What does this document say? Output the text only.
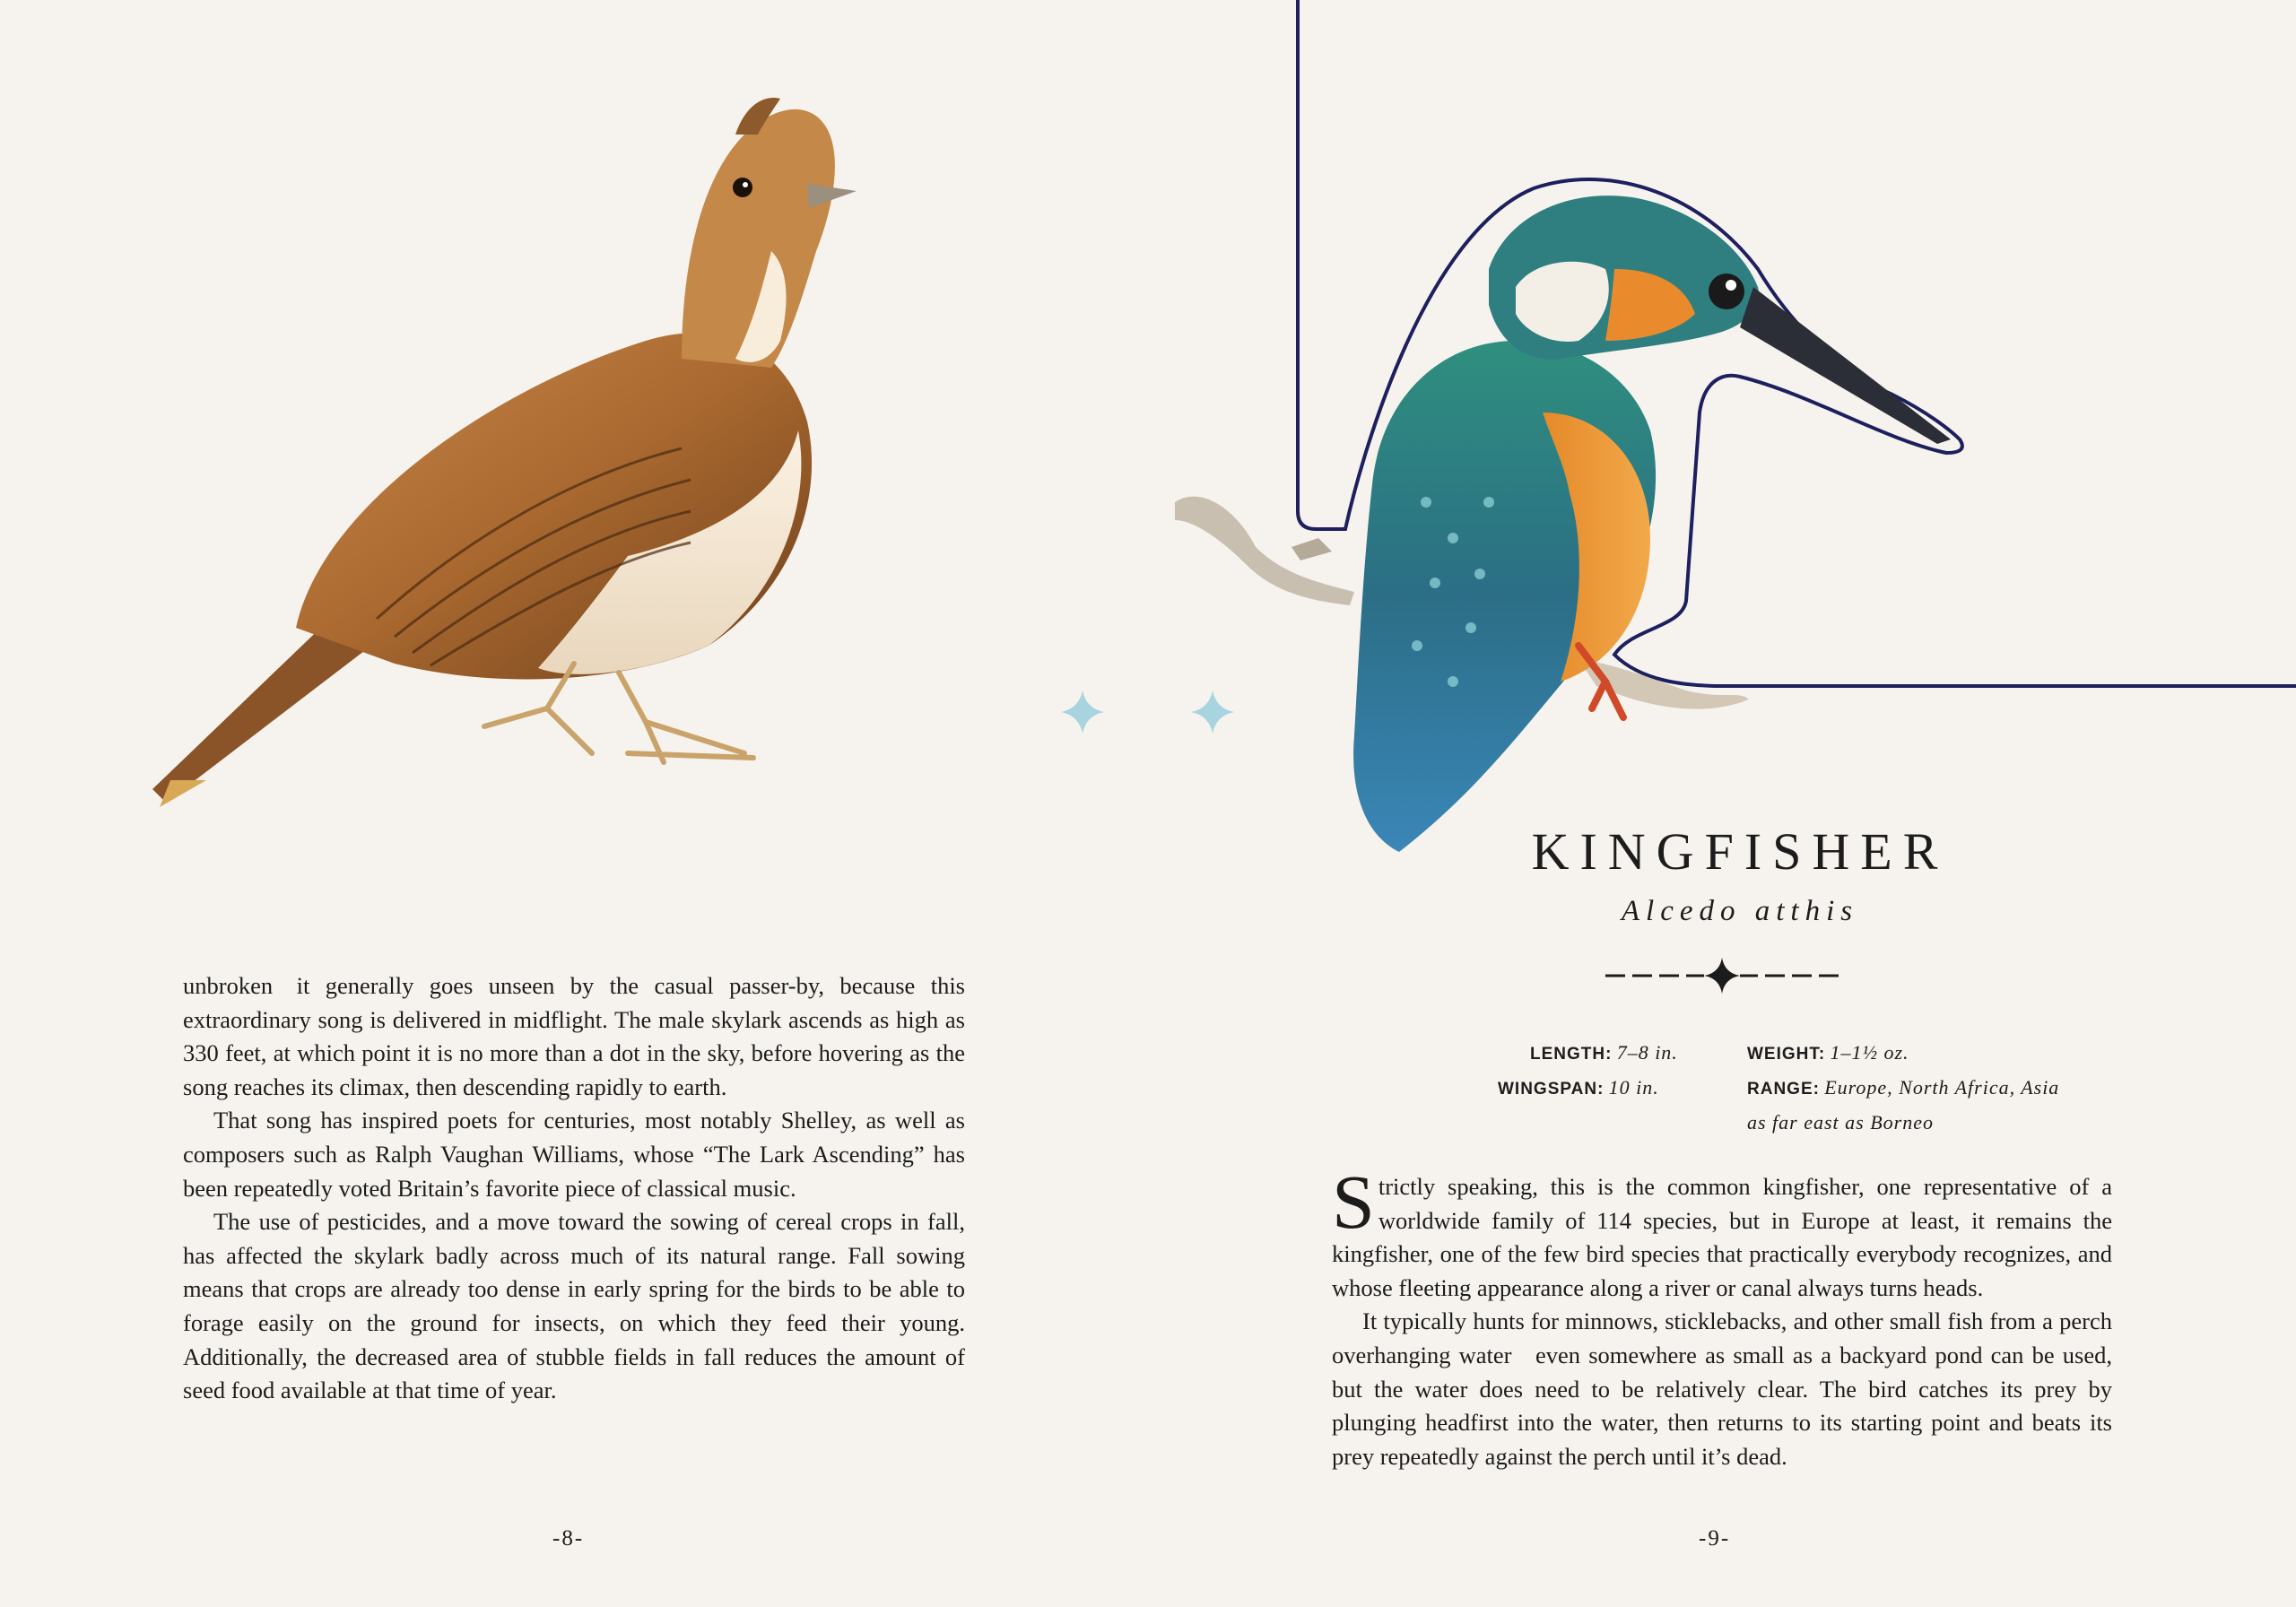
unbroken it generally goes unseen by the casual passer-by, because this extraordinary song is delivered in midflight. The male skylark ascends as high as 330 feet, at which point it is no more than a dot in the sky, before hovering as the song reaches its climax, then descending rapidly to earth.

That song has inspired poets for centuries, most notably Shelley, as well as composers such as Ralph Vaughan Williams, whose “The Lark Ascending” has been repeatedly voted Britain’s favorite piece of classical music.

The use of pesticides, and a move toward the sowing of cereal crops in fall, has affected the skylark badly across much of its natural range. Fall sowing means that crops are already too dense in early spring for the birds to be able to forage easily on the ground for insects, on which they feed their young. Additionally, the decreased area of stubble fields in fall reduces the amount of seed food available at that time of year.

-8-
KINGFISHER
Alcedo atthis
LENGTH: 7–8 in.
WINGSPAN: 10 in.
WEIGHT: 1–1½ oz.
RANGE: Europe, North Africa, Asia
as far east as Borneo
-9-

Strictly speaking, this is the common kingfisher, one representative of a worldwide family of 114 species, but in Europe at least, it remains the kingfisher, one of the few bird species that practically everybody recognizes, and whose fleeting appearance along a river or canal always turns heads.

It typically hunts for minnows, sticklebacks, and other small fish from a perch overhanging water even somewhere as small as a backyard pond can be used, but the water does need to be relatively clear. The bird catches its prey by plunging headfirst into the water, then returns to its starting point and beats its prey repeatedly against the perch until it’s dead.
